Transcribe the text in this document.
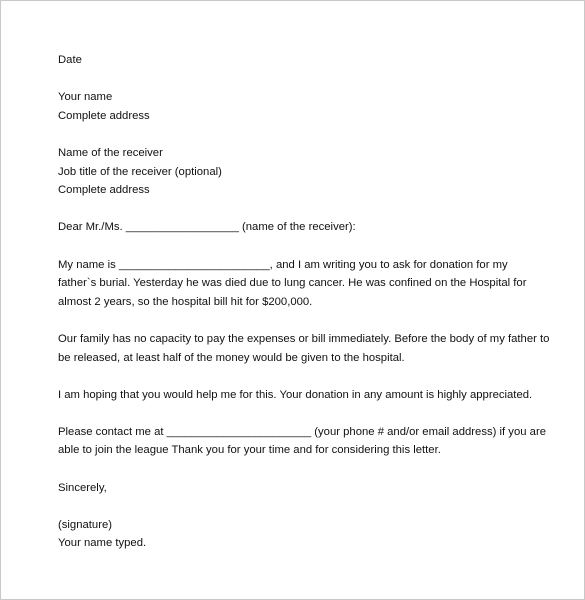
Date
Your name
Complete address
Name of the receiver
Job title of the receiver (optional)
Complete address
Dear Mr./Ms. __________________ (name of the receiver):
My name is ________________________, and I am writing you to ask for donation for my
father`s burial. Yesterday he was died due to lung cancer. He was confined on the Hospital for
almost 2 years, so the hospital bill hit for $200,000.
Our family has no capacity to pay the expenses or bill immediately. Before the body of my father to
be released, at least half of the money would be given to the hospital.
I am hoping that you would help me for this. Your donation in any amount is highly appreciated.
Please contact me at _______________________ (your phone # and/or email address) if you are
able to join the league Thank you for your time and for considering this letter.
Sincerely,
(signature)
Your name typed.
